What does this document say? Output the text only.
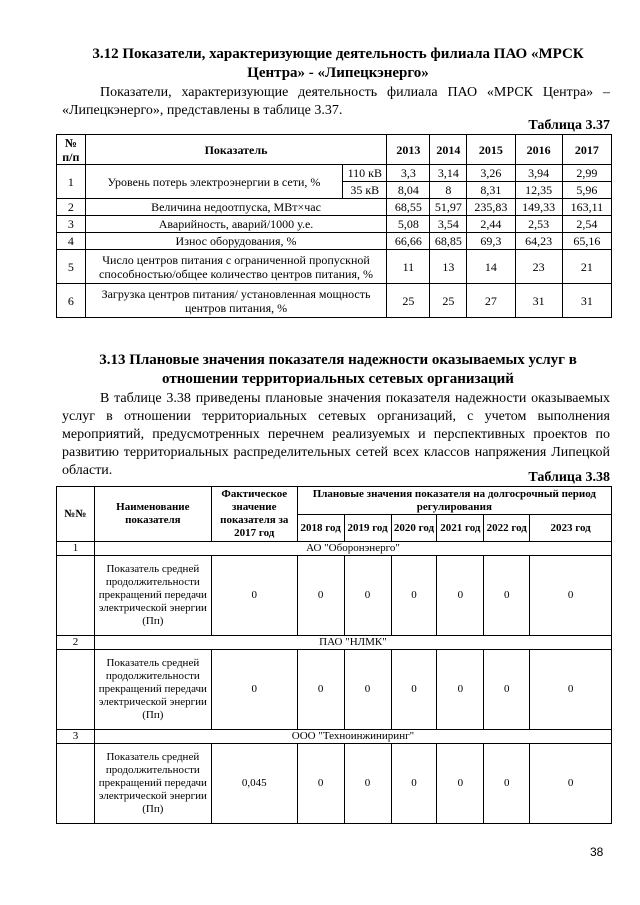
3.12 Показатели, характеризующие деятельность филиала ПАО «МРСК Центра» - «Липецкэнерго»
Показатели, характеризующие деятельность филиала ПАО «МРСК Центра» – «Липецкэнерго», представлены в таблице 3.37.
Таблица 3.37
№ п/п	Показатель		2013	2014	2015	2016	2017
1	Уровень потерь электроэнергии в сети, %	110 кВ	3,3	3,14	3,26	3,94	2,99
		35 кВ	8,04	8	8,31	12,35	5,96
2	Величина недоотпуска, МВт×час		68,55	51,97	235,83	149,33	163,11
3	Аварийность, аварий/1000 у.е.		5,08	3,54	2,44	2,53	2,54
4	Износ оборудования, %		66,66	68,85	69,3	64,23	65,16
5	Число центров питания с ограниченной пропускной способностью/общее количество центров питания, %		11	13	14	23	21
6	Загрузка центров питания/ установленная мощность центров питания, %		25	25	27	31	31
3.13 Плановые значения показателя надежности оказываемых услуг в отношении территориальных сетевых организаций
В таблице 3.38 приведены плановые значения показателя надежности оказываемых услуг в отношении территориальных сетевых организаций, с учетом выполнения мероприятий, предусмотренных перечнем реализуемых и перспективных проектов по развитию территориальных распределительных сетей всех классов напряжения Липецкой области.	Таблица 3.38
№№	Наименование показателя	Фактическое значение показателя за 2017 год	Плановые значения показателя на долгосрочный период регулирования					
			2018 год	2019 год	2020 год	2021 год	2022 год	2023 год
1	АО "Оборонэнерго"							
	Показатель средней продолжительности прекращений передачи электрической энергии (Пп)	0	0	0	0	0	0	0
2	ПАО "НЛМК"							
	Показатель средней продолжительности прекращений передачи электрической энергии (Пп)	0	0	0	0	0	0	0
3	ООО "Техноинжиниринг"							
	Показатель средней продолжительности прекращений передачи электрической энергии (Пп)	0,045	0	0	0	0	0	0
38
